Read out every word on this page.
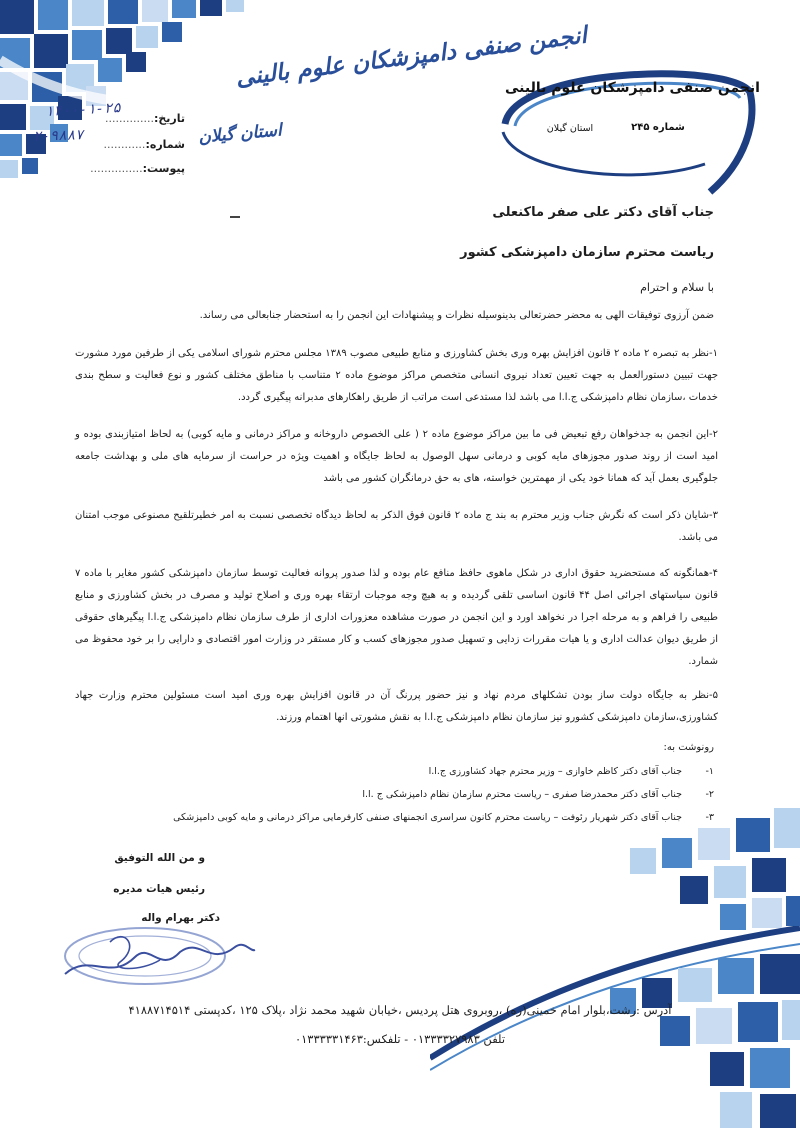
انجمن صنفی دامپزشکان علوم بالینی
استان گیلان
انجمن صنفی دامپزشکان علوم بالینی
شماره ۲۴۵
استان گیلان
تاریخ:..............
شماره:............
پیوست:...............
۱۴۰۰-۱-۲۵
۲-۹۸۸۷
جناب آقای دکتر علی صفر ماکنعلی
ریاست محترم سازمان دامپزشکی کشور
با سلام و احترام

ضمن آرزوی توفیقات الهی به محضر حضرتعالی بدینوسیله نظرات و پیشنهادات این انجمن را به استحضار جنابعالی می رساند.

۱-نظر به تبصره ۲ ماده ۲ قانون افزایش بهره وری بخش کشاورزی و منابع طبیعی مصوب ۱۳۸۹ مجلس محترم شورای اسلامی یکی از طرفین مورد مشورت جهت تبیین دستورالعمل به جهت تعیین تعداد نیروی انسانی متخصص مراکز موضوع ماده ۲ متناسب با مناطق مختلف کشور و نوع فعالیت و سطح بندی خدمات ،سازمان نظام دامپزشکی ج.ا.ا می باشد لذا مستدعی است مراتب از طریق راهکارهای مدبرانه پیگیری گردد.

۲-این انجمن به جدخواهان رفع تبعیض فی ما بین مراکز موضوع ماده ۲ ( علی الخصوص داروخانه و مراکز درمانی و مایه کوبی) به لحاظ امتیازبندی بوده و امید است از روند صدور مجوزهای مایه کوبی و درمانی سهل الوصول به لحاظ جایگاه و اهمیت ویژه در حراست از سرمایه های ملی و بهداشت جامعه جلوگیری بعمل آید که همانا خود یکی از مهمترین خواسته، های به حق درمانگران کشور می باشد

۳-شایان ذکر است که نگرش جناب وزیر محترم به بند ج ماده ۲ قانون فوق الذکر به لحاظ دیدگاه تخصصی نسبت به امر خطیرتلقیح مصنوعی موجب امتنان می باشد.

۴-همانگونه که مستحضرید حقوق اداری در شکل ماهوی حافظ منافع عام بوده و لذا صدور پروانه فعالیت توسط سازمان دامپزشکی کشور مغایر با ماده ۷ قانون سیاستهای اجرائی اصل ۴۴ قانون اساسی تلقی گردیده و به هیچ وجه موجبات ارتقاء بهره وری و اصلاح تولید و مصرف در بخش کشاورزی و منابع طبیعی را فراهم و به مرحله اجرا در نخواهد اورد و این انجمن در صورت مشاهده معزورات اداری از طرف سازمان نظام دامپزشکی ج.ا.ا پیگیرهای حقوقی از طریق دیوان عدالت اداری و یا هیات مقررات زدایی و تسهیل صدور مجوزهای کسب و کار مستقر در وزارت امور اقتصادی و دارایی را بر خود محفوظ می شمارد.

۵-نظر به جایگاه دولت ساز بودن تشکلهای مردم نهاد و نیز حضور پررنگ آن در قانون افزایش بهره وری امید است مسئولین محترم وزارت جهاد کشاورزی،سازمان دامپزشکی کشورو نیز سازمان نظام دامپزشکی ج.ا.ا به نقش مشورتی انها اهتمام ورزند.

رونوشت به:
۱-
جناب آقای دکتر کاظم خاوازی – وزیر محترم جهاد کشاورزی ج.ا.ا
۲-
جناب آقای دکتر محمدرضا صفری – ریاست محترم سازمان نظام دامپزشکی ج .ا.ا
۳-
جناب آقای دکتر شهریار رئوفت – ریاست محترم کانون سراسری انجمنهای صنفی کارفرمایی مراکز درمانی و مایه کوبی دامپزشکی
و من الله التوفیق
رئیس هیات مدیره
دکتر بهرام واله
آدرس :رشت،بلوار امام خمینی(ره) ،روبروی هتل پردیس ،خیابان شهید محمد نژاد ،پلاک ۱۲۵ ،کدپستی ۴۱۸۸۷۱۴۵۱۴
تلفن ۰۱۳۳۳۳۲۷۹۸۳ - تلفکس:۰۱۳۳۳۳۳۱۴۶۳
